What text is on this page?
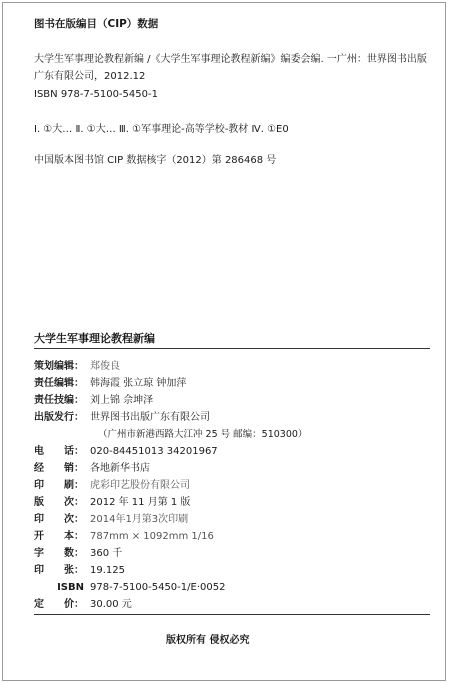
图书在版编目（CIP）数据
大学生军事理论教程新编 /《大学生军事理论教程新编》编委会编. 一广州：世界图书出版广东有限公司，2012.12
ISBN 978-7-5100-5450-1
Ⅰ. ①大… Ⅱ. ①大… Ⅲ. ①军事理论-高等学校-教材 Ⅳ. ①E0
中国版本图书馆 CIP 数据核字（2012）第 286468 号
大学生军事理论教程新编
策划编辑： 郑俊良
责任编辑： 韩海霞 张立琼 钟加萍
责任技编： 刘上锦 佘坤泽
出版发行： 世界图书出版广东有限公司
（广州市新港西路大江冲 25 号 邮编：510300）
电 话： 020-84451013 34201967
经 销： 各地新华书店
印 刷： 虎彩印艺股份有限公司
版 次： 2012 年 11 月第 1 版
印 次： 2014年1月第3次印刷
开 本： 787mm × 1092mm 1/16
字 数： 360 千
印 张： 19.125
ISBN 978-7-5100-5450-1/E·0052
定 价： 30.00 元
版权所有 侵权必究
